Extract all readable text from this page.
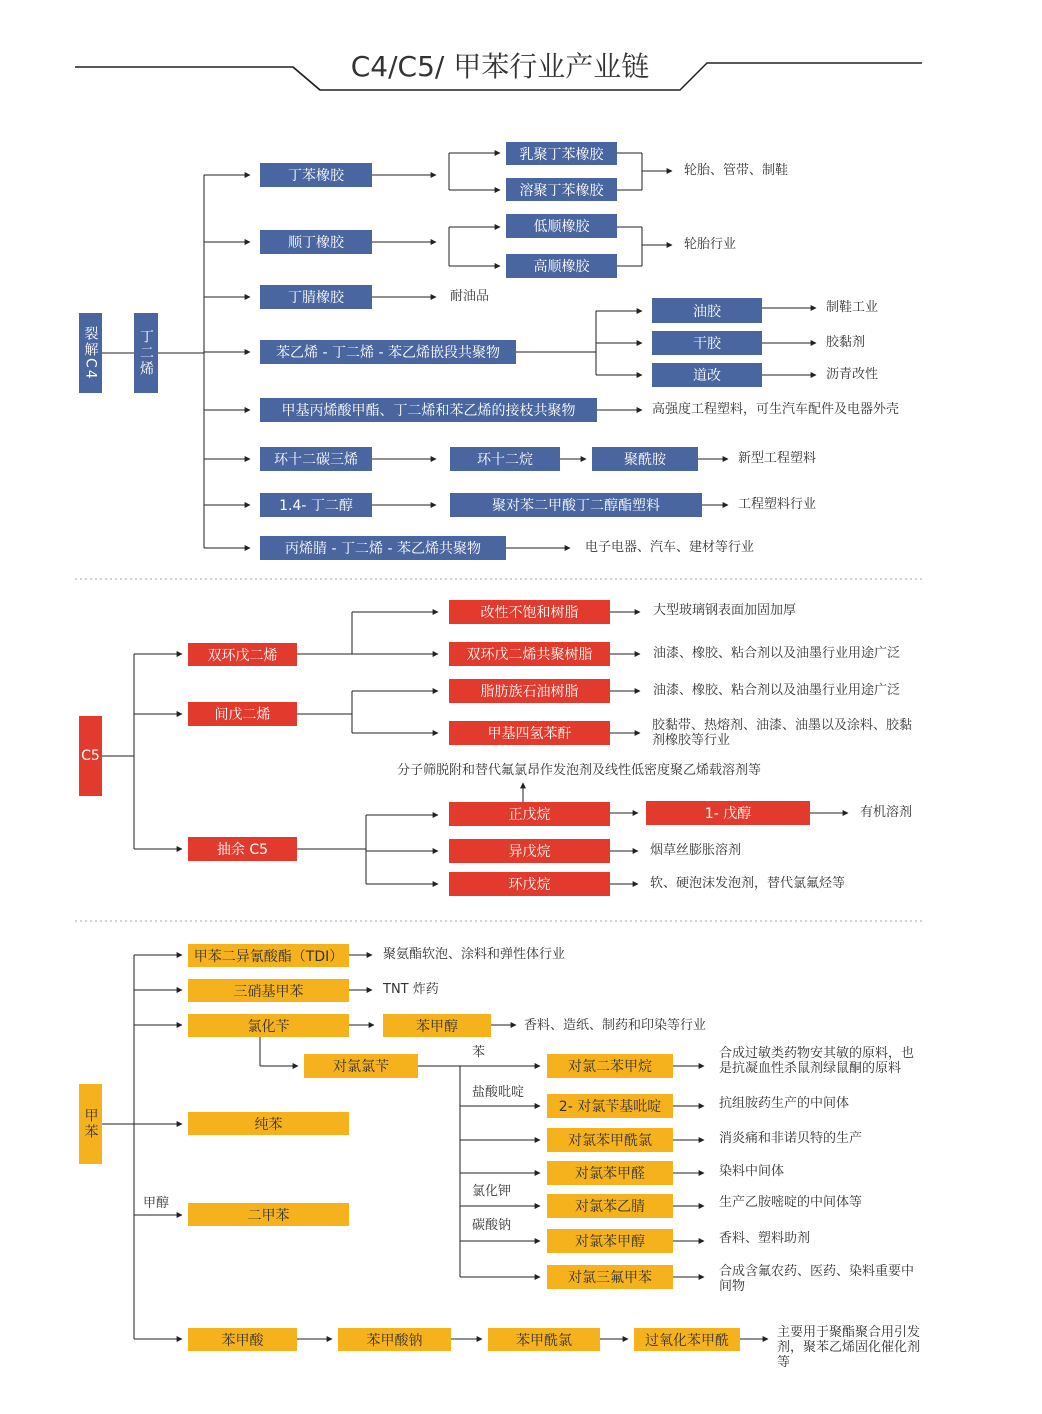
C4/C5/ 甲苯行业产业链
裂解C4	丁二烯
丁苯橡胶
乳聚丁苯橡胶
溶聚丁苯橡胶
轮胎、管带、制鞋
顺丁橡胶
低顺橡胶
高顺橡胶
轮胎行业
丁腈橡胶	耐油品
苯乙烯 - 丁二烯 - 苯乙烯嵌段共聚物
油胶
干胶
道改
制鞋工业
胶黏剂
沥青改性
甲基丙烯酸甲酯、丁二烯和苯乙烯的接枝共聚物	高强度工程塑料，可生汽车配件及电器外壳
环十二碳三烯	环十二烷	聚酰胺	新型工程塑料
1.4- 丁二醇	聚对苯二甲酸丁二醇酯塑料	工程塑料行业
丙烯腈 - 丁二烯 - 苯乙烯共聚物	电子电器、汽车、建材等行业
C5
双环戊二烯
改性不饱和树脂	大型玻璃钢表面加固加厚
双环戊二烯共聚树脂	油漆、橡胶、粘合剂以及油墨行业用途广泛
间戊二烯
脂肪族石油树脂	油漆、橡胶、粘合剂以及油墨行业用途广泛
甲基四氢苯酐
胶黏带、热熔剂、油漆、油墨以及涂料、胶黏剂橡胶等行业
分子筛脱附和替代氟氯昂作发泡剂及线性低密度聚乙烯载溶剂等
抽余 C5
正戊烷	1- 戊醇	有机溶剂
异戊烷	烟草丝膨胀溶剂
环戊烷	软、硬泡沫发泡剂，替代氯氟烃等
甲苯
甲苯二异氰酸酯（TDI）	聚氨酯软泡、涂料和弹性体行业
三硝基甲苯	TNT 炸药
氯化苄	苯甲醇	香料、造纸、制药和印染等行业
对氯氯苄
苯
盐酸吡啶
氯化钾
碳酸钠
对氯二苯甲烷
合成过敏类药物安其敏的原料，也是抗凝血性杀鼠剂绿鼠酮的原料
2- 对氯苄基吡啶	抗组胺药生产的中间体
对氯苯甲酰氯	消炎痛和非诺贝特的生产
对氯苯甲醛	染料中间体
对氯苯乙腈	生产乙胺嘧啶的中间体等
对氯苯甲醇	香料、塑料助剂
对氯三氟甲苯	合成含氟农药、医药、染料重要中间物
纯苯
甲醇
二甲苯
苯甲酸	苯甲酸钠	苯甲酰氯	过氧化苯甲酰	主要用于聚酯聚合用引发剂，聚苯乙烯固化催化剂等
